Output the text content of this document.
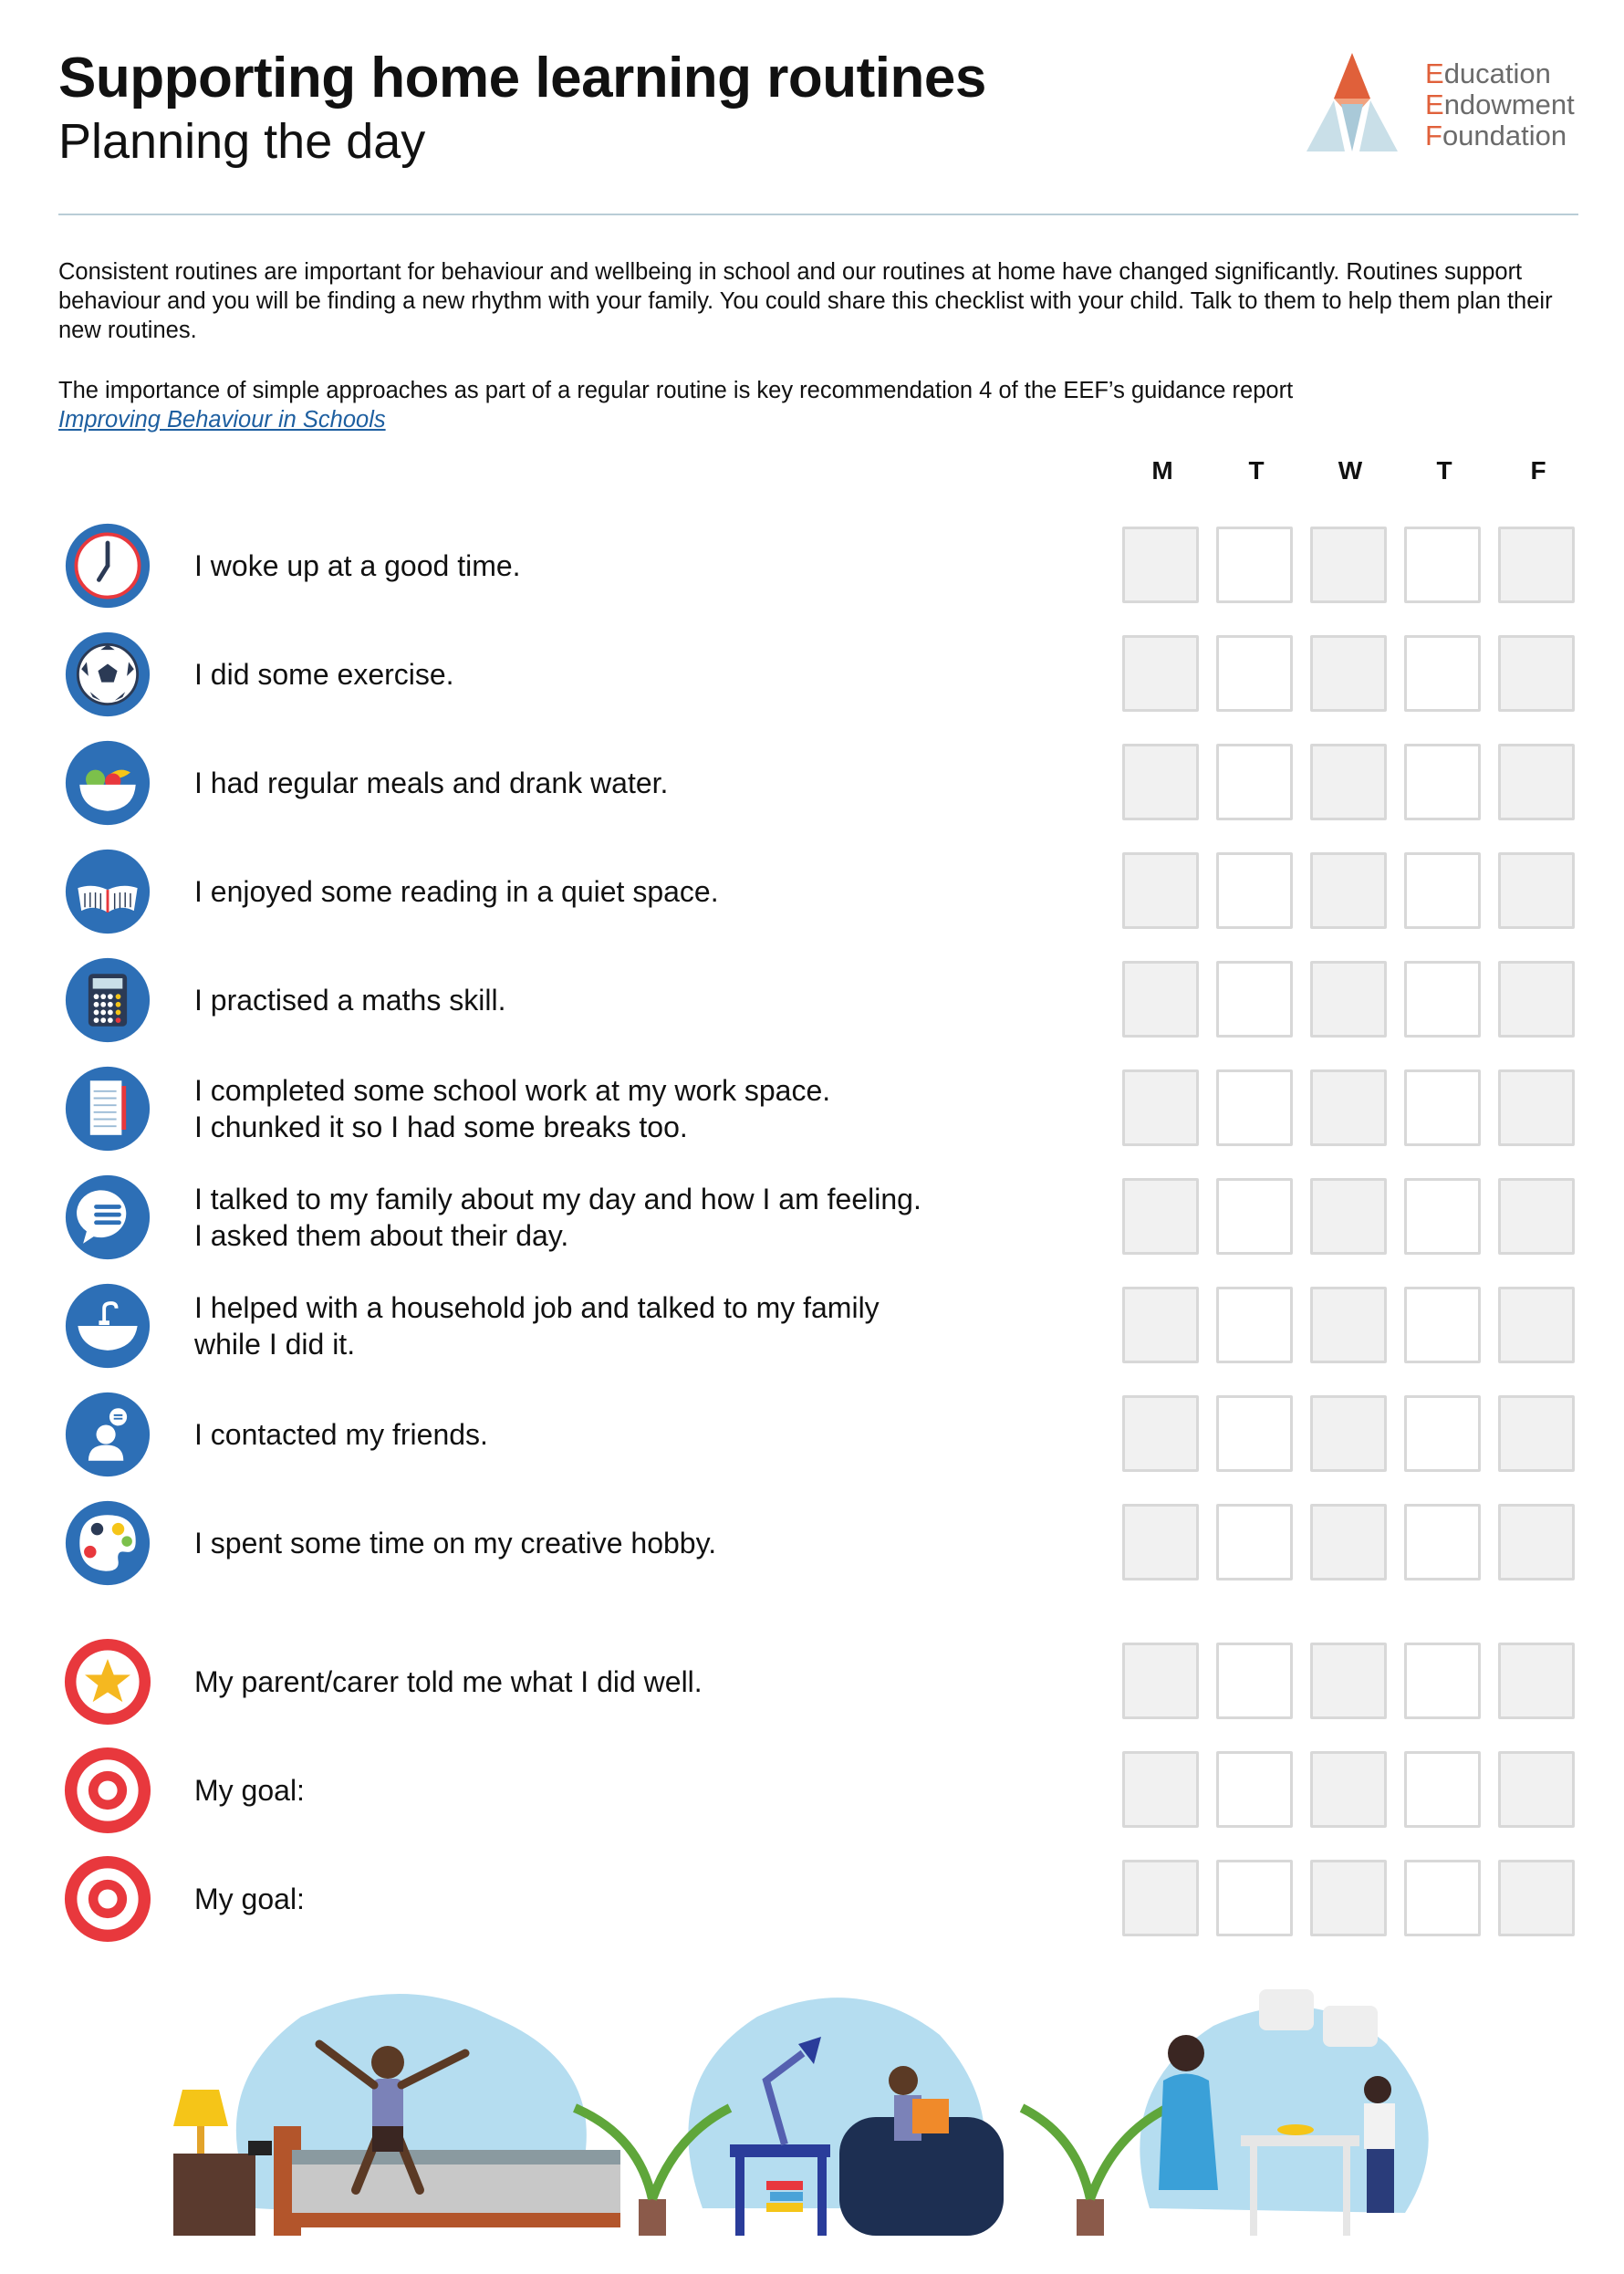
Supporting home learning routines
Planning the day
Education
Endowment
Foundation
Consistent routines are important for behaviour and wellbeing in school and our routines at home have changed significantly. Routines support behaviour and you will be finding a new rhythm with your family. You could share this checklist with your child. Talk to them to help them plan their new routines.
The importance of simple approaches as part of a regular routine is key recommendation 4 of the EEF’s guidance report
Improving Behaviour in Schools
M	T	W	T	F
I woke up at a good time.
I did some exercise.
I had regular meals and drank water.
I enjoyed some reading in a quiet space.
I practised a maths skill.
I completed some school work at my work space.
I chunked it so I had some breaks too.
I talked to my family about my day and how I am feeling.
I asked them about their day.
I helped with a household job and talked to my family
while I did it.
I contacted my friends.
I spent some time on my creative hobby.
My parent/carer told me what I did well.
My goal:
My goal:
